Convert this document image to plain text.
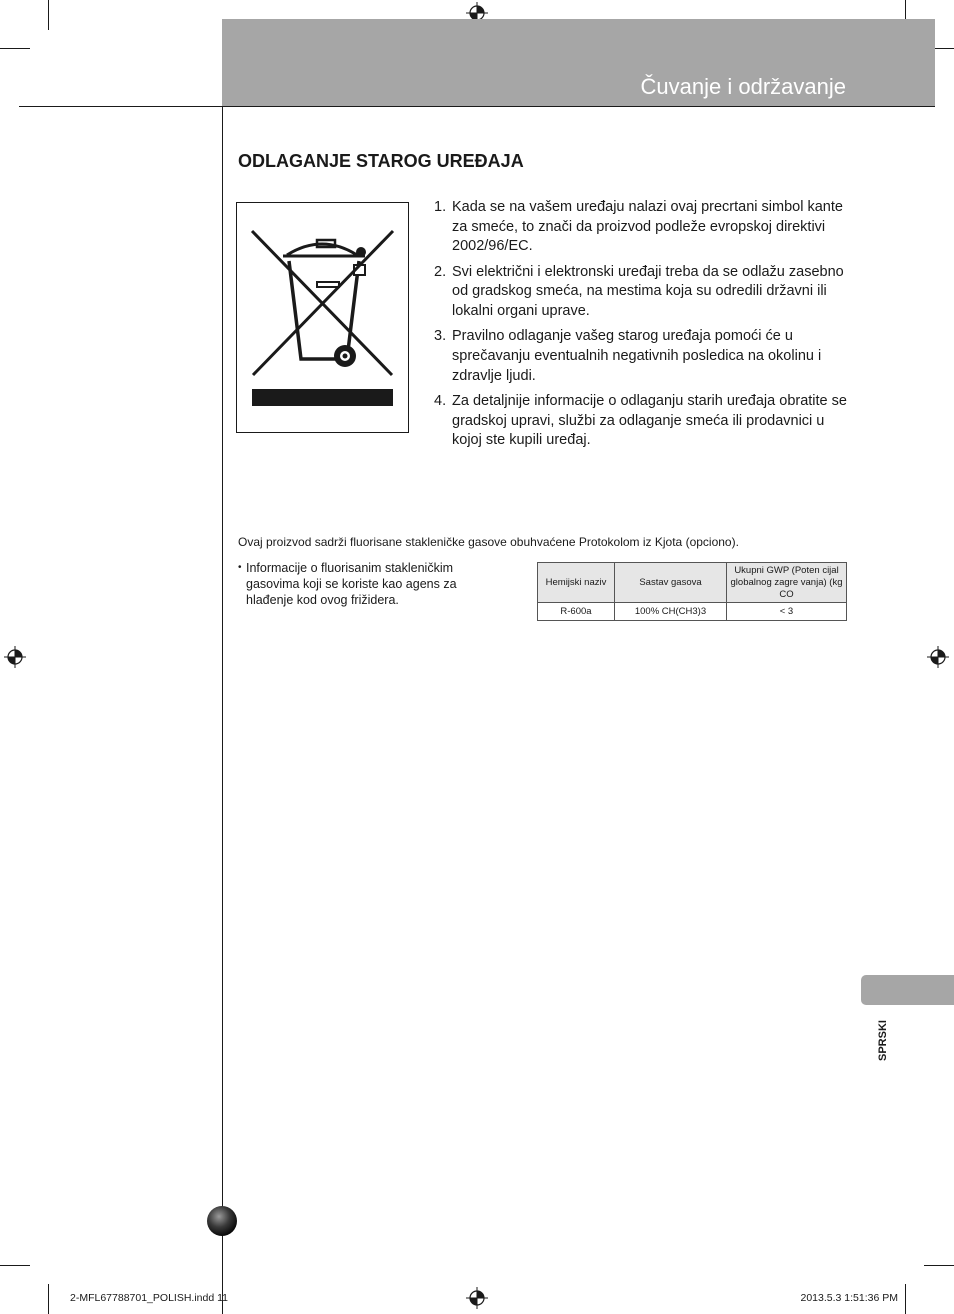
Čuvanje i održavanje
ODLAGANJE STAROG UREĐAJA
1. Kada se na vašem uređaju nalazi ovaj precrtani simbol kante za smeće, to znači da proizvod podleže evropskoj direktivi 2002/96/EC.
2. Svi električni i elektronski uređaji treba da se odlažu zasebno od gradskog smeća, na mestima koja su odredili državni ili lokalni organi uprave.
3. Pravilno odlaganje vašeg starog uređaja pomoći će u sprečavanju eventualnih negativnih posledica na okolinu i zdravlje ljudi.
4. Za detaljnije informacije o odlaganju starih uređaja obratite se gradskoj upravi, službi za odlaganje smeća ili prodavnici u kojoj ste kupili uređaj.
Ovaj proizvod sadrži fluorisane stakleničke gasove obuhvaćene Protokolom iz Kjota (opciono).
• Informacije o fluorisanim stakleničkim gasovima koji se koriste kao agens za hlađenje kod ovog frižidera.
Hemijski naziv	Sastav gasova	Ukupni GWP (Poten cijal globalnog zagre vanja) (kg CO
R-600a	100% CH(CH3)3	< 3
SPRSKI
2-MFL67788701_POLISH.indd 11	2013.5.3 1:51:36 PM
